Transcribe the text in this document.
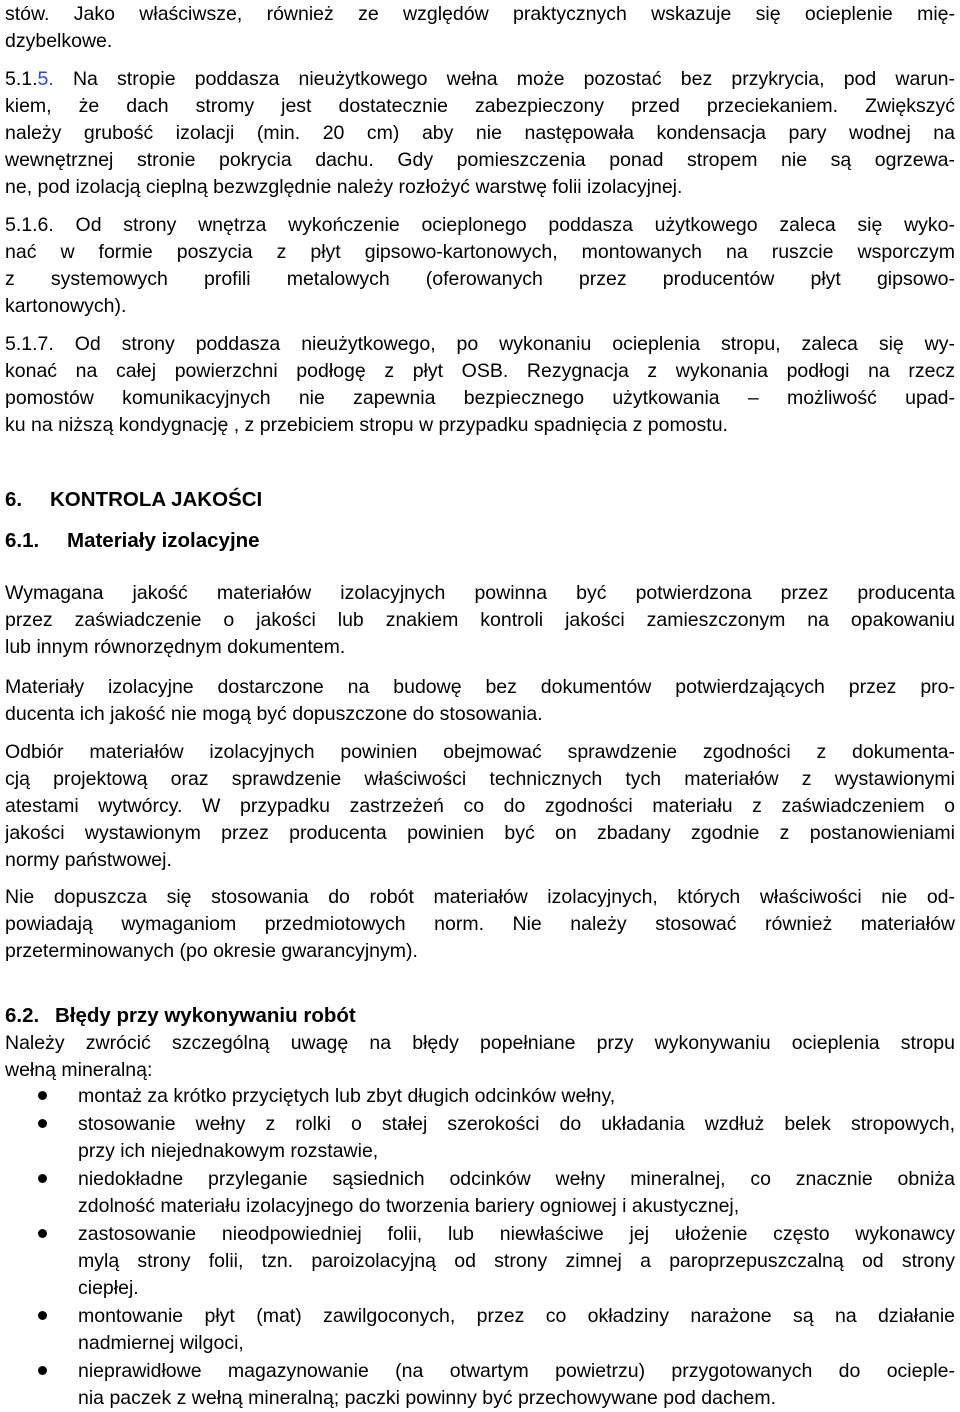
stów. Jako właściwsze, również ze względów praktycznych wskazuje się ocieplenie mię-
dzybelkowe.
5.1.5. Na stropie poddasza nieużytkowego wełna może pozostać bez przykrycia, pod warun-
kiem, że dach stromy jest dostatecznie zabezpieczony przed przeciekaniem. Zwiększyć
należy grubość izolacji (min. 20 cm) aby nie następowała kondensacja pary wodnej na
wewnętrznej stronie pokrycia dachu. Gdy pomieszczenia ponad stropem nie są ogrzewa-
ne, pod izolacją cieplną bezwzględnie należy rozłożyć warstwę folii izolacyjnej.
5.1.6. Od strony wnętrza wykończenie ocieplonego poddasza użytkowego zaleca się wyko-
nać w formie poszycia z płyt gipsowo-kartonowych, montowanych na ruszcie wsporczym
z systemowych profili metalowych (oferowanych przez producentów płyt gipsowo-
kartonowych).
5.1.7. Od strony poddasza nieużytkowego, po wykonaniu ocieplenia stropu, zaleca się wy-
konać na całej powierzchni podłogę z płyt OSB. Rezygnacja z wykonania podłogi na rzecz
pomostów komunikacyjnych nie zapewnia bezpiecznego użytkowania – możliwość upad-
ku na niższą kondygnację , z przebiciem stropu w przypadku spadnięcia z pomostu.
6. KONTROLA JAKOŚCI
6.1. Materiały izolacyjne
Wymagana jakość materiałów izolacyjnych powinna być potwierdzona przez producenta
przez zaświadczenie o jakości lub znakiem kontroli jakości zamieszczonym na opakowaniu
lub innym równorzędnym dokumentem.
Materiały izolacyjne dostarczone na budowę bez dokumentów potwierdzających przez pro-
ducenta ich jakość nie mogą być dopuszczone do stosowania.
Odbiór materiałów izolacyjnych powinien obejmować sprawdzenie zgodności z dokumenta-
cją projektową oraz sprawdzenie właściwości technicznych tych materiałów z wystawionymi
atestami wytwórcy. W przypadku zastrzeżeń co do zgodności materiału z zaświadczeniem o
jakości wystawionym przez producenta powinien być on zbadany zgodnie z postanowieniami
normy państwowej.
Nie dopuszcza się stosowania do robót materiałów izolacyjnych, których właściwości nie od-
powiadają wymaganiom przedmiotowych norm. Nie należy stosować również materiałów
przeterminowanych (po okresie gwarancyjnym).
6.2. Błędy przy wykonywaniu robót
Należy zwrócić szczególną uwagę na błędy popełniane przy wykonywaniu ocieplenia stropu
wełną mineralną:
montaż za krótko przyciętych lub zbyt długich odcinków wełny,
stosowanie wełny z rolki o stałej szerokości do układania wzdłuż belek stropowych,
przy ich niejednakowym rozstawie,
niedokładne przyleganie sąsiednich odcinków wełny mineralnej, co znacznie obniża
zdolność materiału izolacyjnego do tworzenia bariery ogniowej i akustycznej,
zastosowanie nieodpowiedniej folii, lub niewłaściwe jej ułożenie często wykonawcy
mylą strony folii, tzn. paroizolacyjną od strony zimnej a paroprzepuszczalną od strony
ciepłej.
montowanie płyt (mat) zawilgoconych, przez co okładziny narażone są na działanie
nadmiernej wilgoci,
nieprawidłowe magazynowanie (na otwartym powietrzu) przygotowanych do ocieple-
nia paczek z wełną mineralną; paczki powinny być przechowywane pod dachem.
